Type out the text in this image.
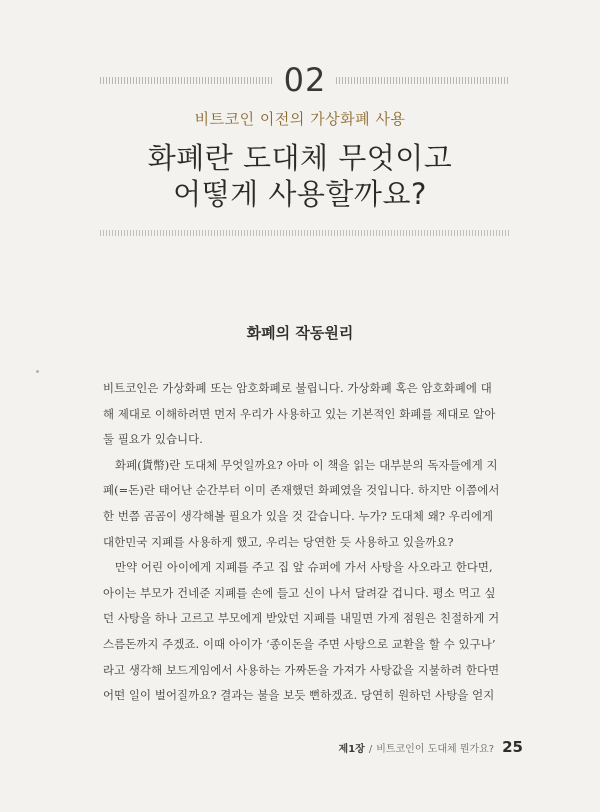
02
비트코인 이전의 가상화폐 사용
화폐란 도대체 무엇이고
어떻게 사용할까요?
화폐의 작동원리
비트코인은 가상화폐 또는 암호화폐로 불립니다. 가상화폐 혹은 암호화폐에 대
해 제대로 이해하려면 먼저 우리가 사용하고 있는 기본적인 화폐를 제대로 알아
둘 필요가 있습니다.
화폐(貨幣)란 도대체 무엇일까요? 아마 이 책을 읽는 대부분의 독자들에게 지
폐(=돈)란 태어난 순간부터 이미 존재했던 화폐였을 것입니다. 하지만 이쯤에서
한 번쯤 곰곰이 생각해볼 필요가 있을 것 같습니다. 누가? 도대체 왜? 우리에게
대한민국 지폐를 사용하게 했고, 우리는 당연한 듯 사용하고 있을까요?
만약 어린 아이에게 지폐를 주고 집 앞 슈퍼에 가서 사탕을 사오라고 한다면,
아이는 부모가 건네준 지폐를 손에 들고 신이 나서 달려갈 겁니다. 평소 먹고 싶
던 사탕을 하나 고르고 부모에게 받았던 지폐를 내밀면 가게 점원은 친절하게 거
스름돈까지 주겠죠. 이때 아이가 ‘종이돈을 주면 사탕으로 교환을 할 수 있구나’
라고 생각해 보드게임에서 사용하는 가짜돈을 가져가 사탕값을 지불하려 한다면
어떤 일이 벌어질까요? 결과는 불을 보듯 뻔하겠죠. 당연히 원하던 사탕을 얻지
제1장 / 비트코인이 도대체 뭔가요? 25
